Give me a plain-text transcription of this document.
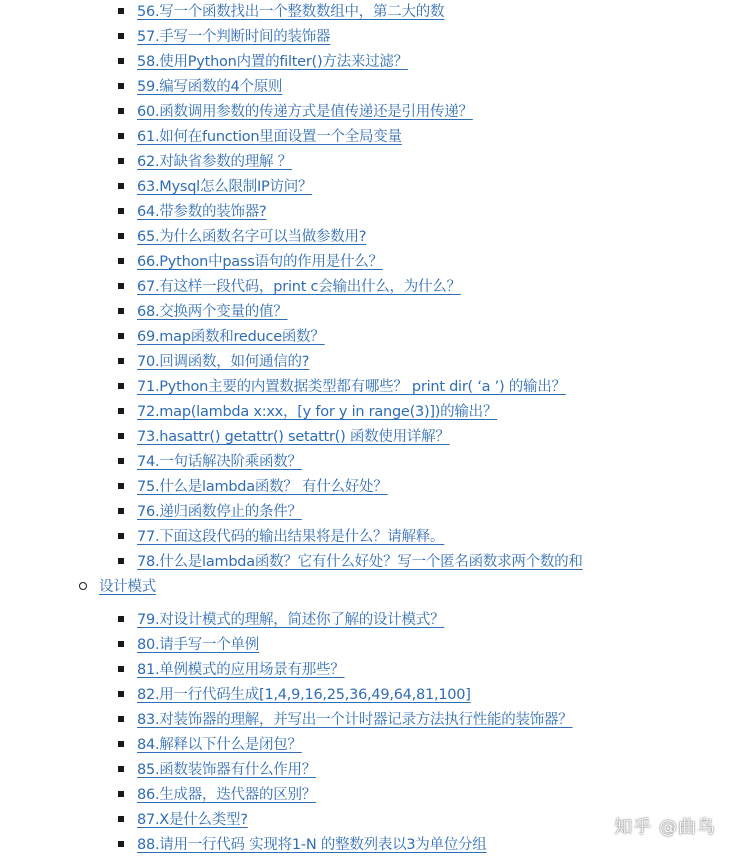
56.写一个函数找出一个整数数组中，第二大的数
57.手写一个判断时间的装饰器
58.使用Python内置的filter()方法来过滤？
59.编写函数的4个原则
60.函数调用参数的传递方式是值传递还是引用传递？
61.如何在function里面设置一个全局变量
62.对缺省参数的理解 ？
63.Mysql怎么限制IP访问？
64.带参数的装饰器?
65.为什么函数名字可以当做参数用?
66.Python中pass语句的作用是什么？
67.有这样一段代码，print c会输出什么，为什么？
68.交换两个变量的值？
69.map函数和reduce函数？
70.回调函数，如何通信的?
71.Python主要的内置数据类型都有哪些？ print dir( ‘a ’) 的输出？
72.map(lambda x:xx，[y for y in range(3)])的输出？
73.hasattr() getattr() setattr() 函数使用详解？
74.一句话解决阶乘函数？
75.什么是lambda函数？ 有什么好处？
76.递归函数停止的条件？
77.下面这段代码的输出结果将是什么？请解释。
78.什么是lambda函数？它有什么好处？写一个匿名函数求两个数的和
设计模式
79.对设计模式的理解，简述你了解的设计模式？
80.请手写一个单例
81.单例模式的应用场景有那些？
82.用一行代码生成[1,4,9,16,25,36,49,64,81,100]
83.对装饰器的理解，并写出一个计时器记录方法执行性能的装饰器？
84.解释以下什么是闭包？
85.函数装饰器有什么作用？
86.生成器，迭代器的区别？
87.X是什么类型?
88.请用一行代码 实现将1-N 的整数列表以3为单位分组
知乎 @曲鸟
